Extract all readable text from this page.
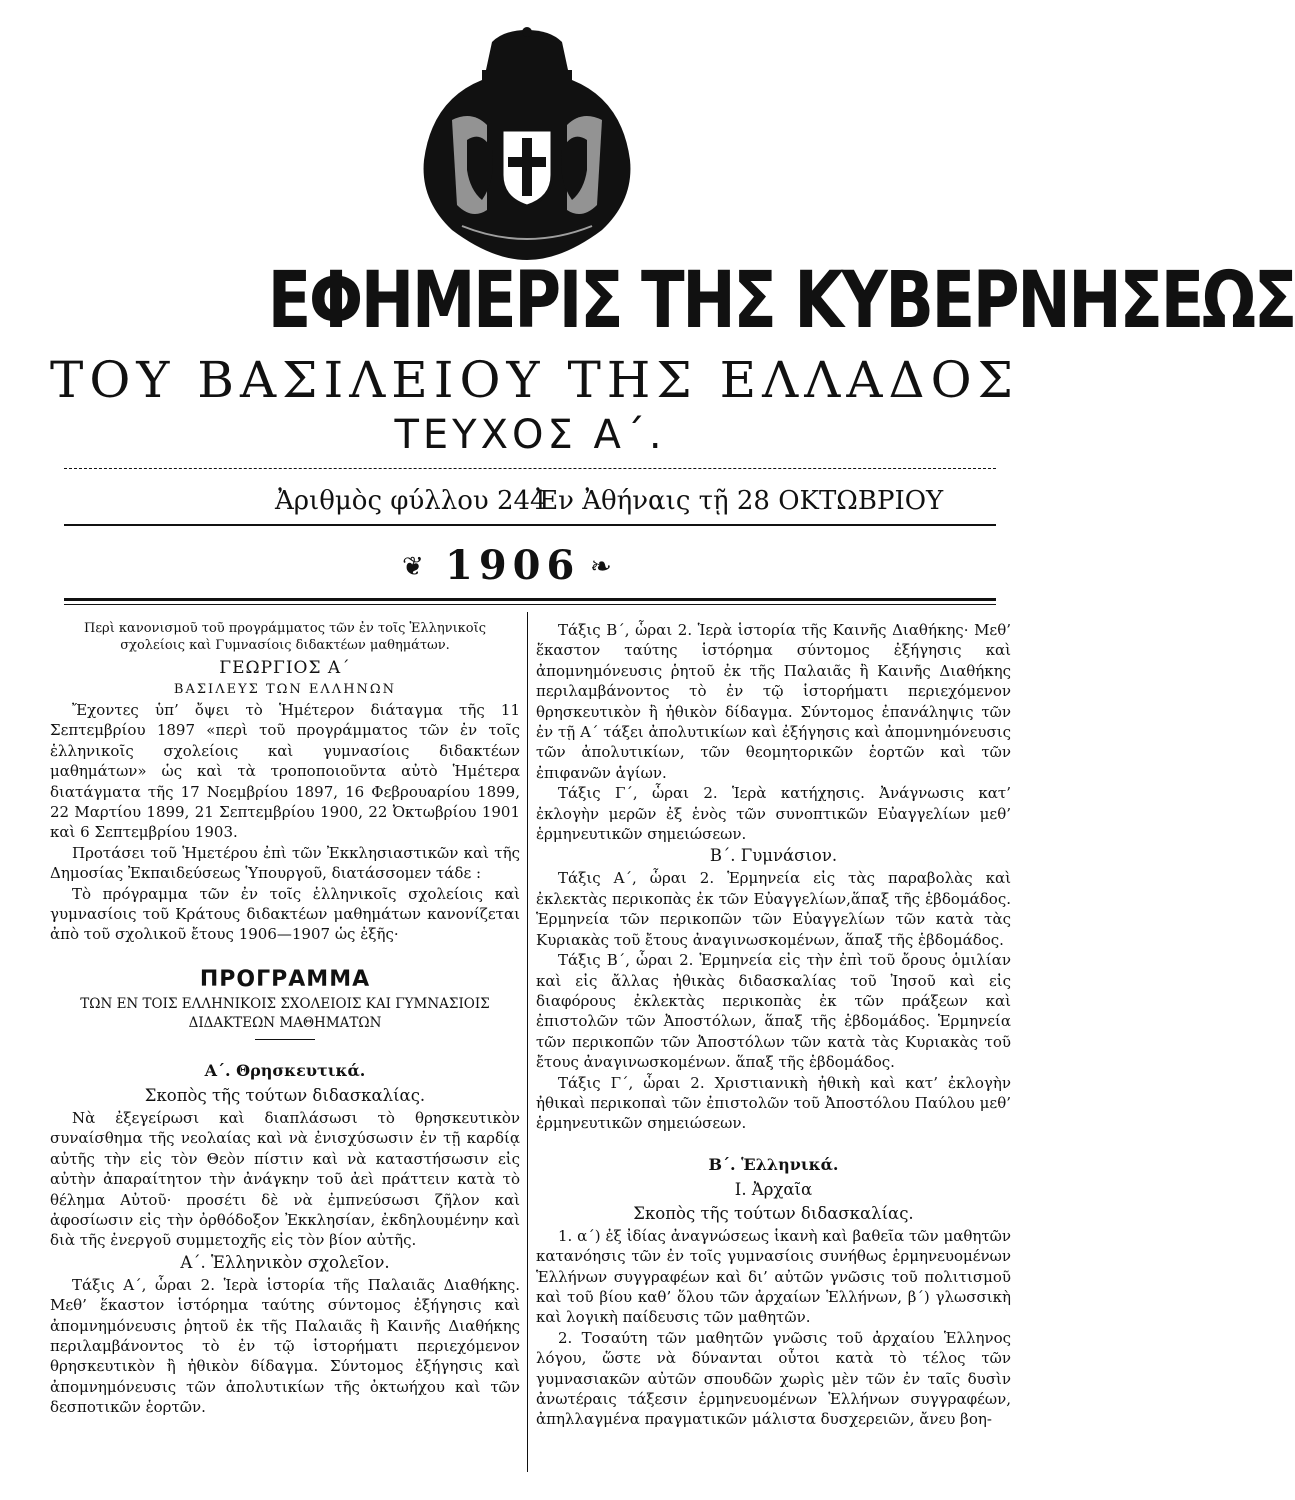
ΕΦΗΜΕΡΙΣ ΤΗΣ ΚΥΒΕΡΝΗΣΕΩΣ
ΤΟΥ ΒΑΣΙΛΕΙΟΥ ΤΗΣ ΕΛΛΑΔΟΣ
ΤΕΥΧΟΣ Α΄.
Ἀριθμὸς φύλλου 244
Ἐν Ἀθήναις τῇ 28 ΟΚΤΩΒΡΙΟΥ
❦ 1906 ❧

Περὶ κανονισμοῦ τοῦ προγράμματος τῶν ἐν τοῖς Ἑλληνικοῖς σχολείοις καὶ Γυμνασίοις διδακτέων μαθημάτων.

ΓΕΩΡΓΙΟΣ Α΄

ΒΑΣΙΛΕΥΣ ΤΩΝ ΕΛΛΗΝΩΝ

Ἔχοντες ὑπ’ ὄψει τὸ Ἡμέτερον διάταγμα τῆς 11 Σεπτεμβρίου 1897 «περὶ τοῦ προγράμματος τῶν ἐν τοῖς ἑλληνικοῖς σχολείοις καὶ γυμνασίοις διδακτέων μαθημάτων» ὡς καὶ τὰ τροποποιοῦντα αὐτὸ Ἡμέτερα διατάγματα τῆς 17 Νοεμβρίου 1897, 16 Φεβρουαρίου 1899, 22 Μαρτίου 1899, 21 Σεπτεμβρίου 1900, 22 Ὀκτωβρίου 1901 καὶ 6 Σεπτεμβρίου 1903.

Προτάσει τοῦ Ἡμετέρου ἐπὶ τῶν Ἐκκλησιαστικῶν καὶ τῆς Δημοσίας Ἐκπαιδεύσεως Ὑπουργοῦ, διατάσσομεν τάδε :

Τὸ πρόγραμμα τῶν ἐν τοῖς ἑλληνικοῖς σχολείοις καὶ γυμνασίοις τοῦ Κράτους διδακτέων μαθημάτων κανονίζεται ἀπὸ τοῦ σχολικοῦ ἔτους 1906—1907 ὡς ἑξῆς·

ΠΡΟΓΡΑΜΜΑ

ΤΩΝ ΕΝ ΤΟΙΣ ΕΛΛΗΝΙΚΟΙΣ ΣΧΟΛΕΙΟΙΣ ΚΑΙ ΓΥΜΝΑΣΙΟΙΣ ΔΙΔΑΚΤΕΩΝ ΜΑΘΗΜΑΤΩΝ

Α΄. Θρησκευτικά.

Σκοπὸς τῆς τούτων διδασκαλίας.

Νὰ ἐξεγείρωσι καὶ διαπλάσωσι τὸ θρησκευτικὸν συναίσθημα τῆς νεολαίας καὶ νὰ ἐνισχύσωσιν ἐν τῇ καρδίᾳ αὐτῆς τὴν εἰς τὸν Θεὸν πίστιν καὶ νὰ καταστήσωσιν εἰς αὐτὴν ἀπαραίτητον τὴν ἀνάγκην τοῦ ἀεὶ πράττειν κατὰ τὸ θέλημα Αὐτοῦ· προσέτι δὲ νὰ ἐμπνεύσωσι ζῆλον καὶ ἀφοσίωσιν εἰς τὴν ὀρθόδοξον Ἐκκλησίαν, ἐκδηλουμένην καὶ διὰ τῆς ἐνεργοῦ συμμετοχῆς εἰς τὸν βίον αὐτῆς.

Α΄. Ἑλληνικὸν σχολεῖον.

Τάξις Α΄, ὧραι 2. Ἱερὰ ἱστορία τῆς Παλαιᾶς Διαθήκης. Μεθ’ ἕκαστον ἱστόρημα ταύτης σύντομος ἐξήγησις καὶ ἀπομνημόνευσις ῥητοῦ ἐκ τῆς Παλαιᾶς ἢ Καινῆς Διαθήκης περιλαμβάνοντος τὸ ἐν τῷ ἱστορήματι περιεχόμενον θρησκευτικὸν ἢ ἠθικὸν δίδαγμα. Σύντομος ἐξήγησις καὶ ἀπομνημόνευσις τῶν ἀπολυτικίων τῆς ὀκτωήχου καὶ τῶν δεσποτικῶν ἑορτῶν.

Τάξις Β΄, ὧραι 2. Ἱερὰ ἱστορία τῆς Καινῆς Διαθήκης· Μεθ’ ἕκαστον ταύτης ἱστόρημα σύντομος ἐξήγησις καὶ ἀπομνημόνευσις ῥητοῦ ἐκ τῆς Παλαιᾶς ἢ Καινῆς Διαθήκης περιλαμβάνοντος τὸ ἐν τῷ ἱστορήματι περιεχόμενον θρησκευτικὸν ἢ ἠθικὸν δίδαγμα. Σύντομος ἐπανάληψις τῶν ἐν τῇ Α΄ τάξει ἀπολυτικίων καὶ ἐξήγησις καὶ ἀπομνημόνευσις τῶν ἀπολυτικίων, τῶν θεομητορικῶν ἑορτῶν καὶ τῶν ἐπιφανῶν ἁγίων.

Τάξις Γ΄, ὧραι 2. Ἱερὰ κατήχησις. Ἀνάγνωσις κατ’ ἐκλογὴν μερῶν ἐξ ἑνὸς τῶν συνοπτικῶν Εὐαγγελίων μεθ’ ἑρμηνευτικῶν σημειώσεων.

Β΄. Γυμνάσιον.

Τάξις Α΄, ὧραι 2. Ἑρμηνεία εἰς τὰς παραβολὰς καὶ ἐκλεκτὰς περικοπὰς ἐκ τῶν Εὐαγγελίων,ἅπαξ τῆς ἑβδομάδος. Ἑρμηνεία τῶν περικοπῶν τῶν Εὐαγγελίων τῶν κατὰ τὰς Κυριακὰς τοῦ ἔτους ἀναγινωσκομένων, ἅπαξ τῆς ἑβδομάδος.

Τάξις Β΄, ὧραι 2. Ἑρμηνεία εἰς τὴν ἐπὶ τοῦ ὄρους ὁμιλίαν καὶ εἰς ἄλλας ἠθικὰς διδασκαλίας τοῦ Ἰησοῦ καὶ εἰς διαφόρους ἐκλεκτὰς περικοπὰς ἐκ τῶν πράξεων καὶ ἐπιστολῶν τῶν Ἀποστόλων, ἅπαξ τῆς ἑβδομάδος. Ἑρμηνεία τῶν περικοπῶν τῶν Ἀποστόλων τῶν κατὰ τὰς Κυριακὰς τοῦ ἔτους ἀναγινωσκομένων. ἅπαξ τῆς ἑβδομάδος.

Τάξις Γ΄, ὧραι 2. Χριστιανικὴ ἠθικὴ καὶ κατ’ ἐκλογὴν ἠθικαὶ περικοπαὶ τῶν ἐπιστολῶν τοῦ Ἀποστόλου Παύλου μεθ’ ἑρμηνευτικῶν σημειώσεων.

Β΄. Ἑλληνικά.

Ι. Ἀρχαῖα

Σκοπὸς τῆς τούτων διδασκαλίας.

1. α΄) ἐξ ἰδίας ἀναγνώσεως ἱκανὴ καὶ βαθεῖα τῶν μαθητῶν κατανόησις τῶν ἐν τοῖς γυμνασίοις συνήθως ἑρμηνευομένων Ἑλλήνων συγγραφέων καὶ δι’ αὐτῶν γνῶσις τοῦ πολιτισμοῦ καὶ τοῦ βίου καθ’ ὅλου τῶν ἀρχαίων Ἑλλήνων, β΄) γλωσσικὴ καὶ λογικὴ παίδευσις τῶν μαθητῶν.

2. Τοσαύτη τῶν μαθητῶν γνῶσις τοῦ ἀρχαίου Ἑλληνος λόγου, ὥστε νὰ δύνανται οὗτοι κατὰ τὸ τέλος τῶν γυμνασιακῶν αὐτῶν σπουδῶν χωρὶς μὲν τῶν ἐν ταῖς δυσὶν ἀνωτέραις τάξεσιν ἑρμηνευομένων Ἑλλήνων συγγραφέων, ἀπηλλαγμένα πραγματικῶν μάλιστα δυσχερειῶν, ἄνευ βοη-
